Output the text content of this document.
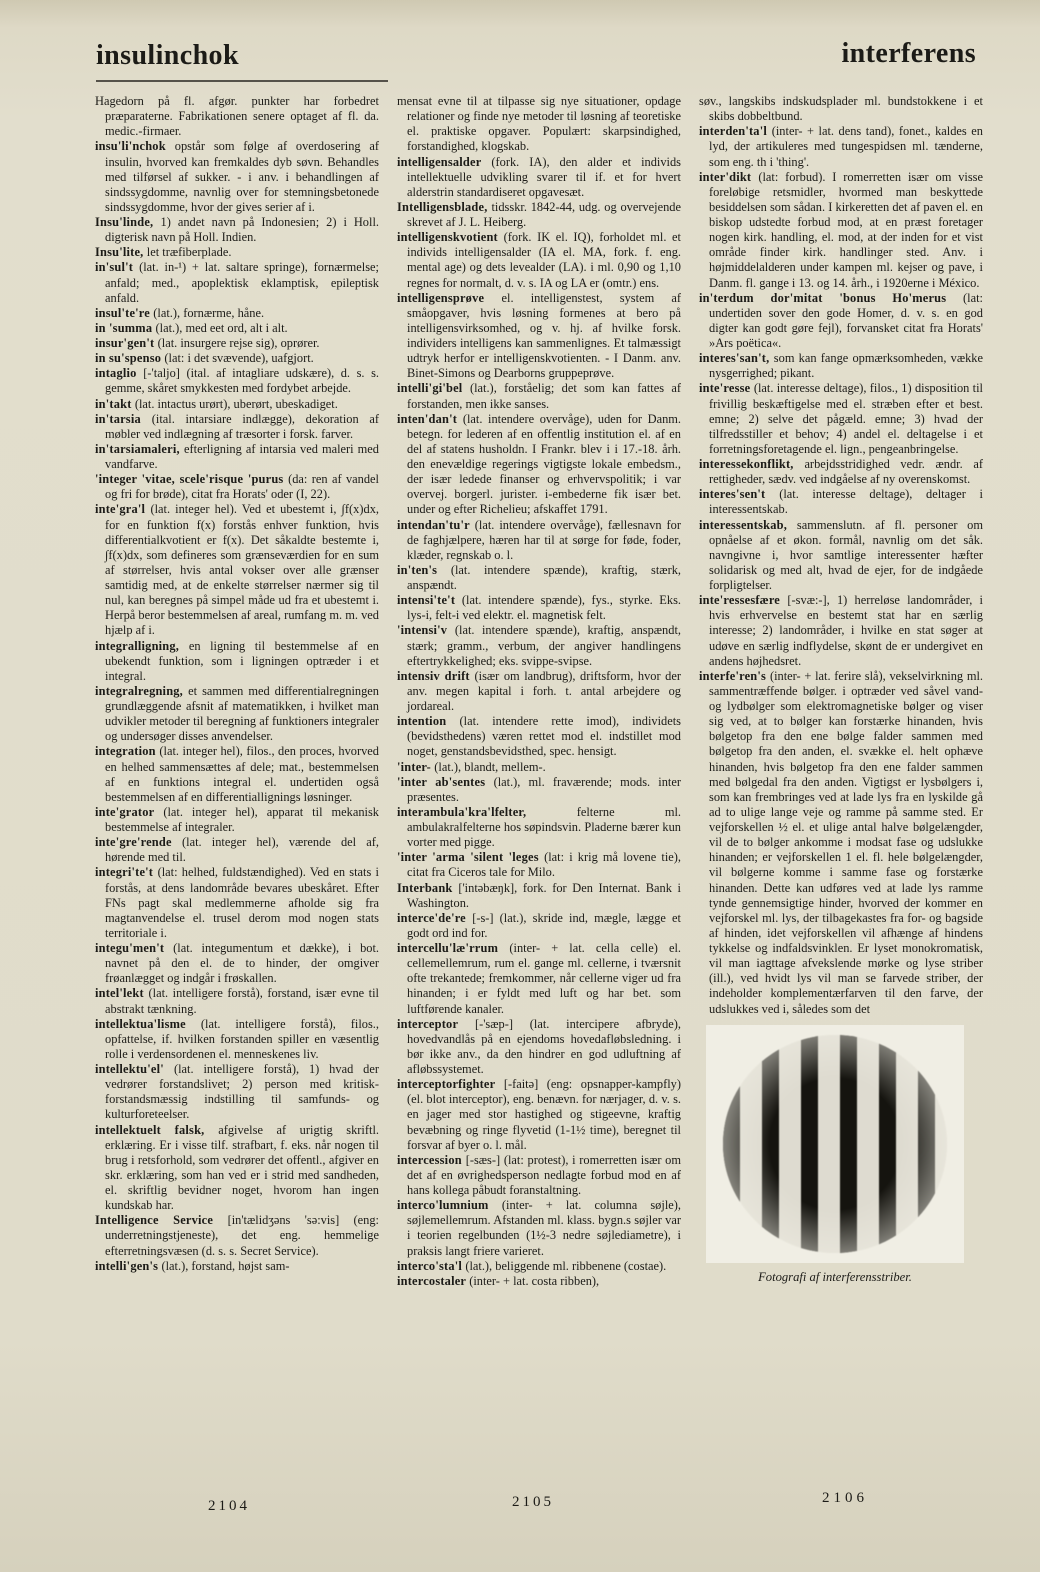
insulinchok	interferens

Hagedorn på fl. afgør. punkter har forbedret præparaterne. Fabrikationen senere optaget af fl. da. medic.-firmaer.

insu'li'nchok opstår som følge af overdosering af insulin, hvorved kan fremkaldes dyb søvn. Behandles med tilførsel af sukker. - i anv. i behandlingen af sindssygdomme, navnlig over for stemningsbetonede sindssygdomme, hvor der gives serier af i.

Insu'linde, 1) andet navn på Indonesien; 2) i Holl. digterisk navn på Holl. Indien.

Insu'lite, let træfiberplade.

in'sul't (lat. in-¹) + lat. saltare springe), fornærmelse; anfald; med., apoplektisk eklamptisk, epileptisk anfald.

insul'te're (lat.), fornærme, håne.

in 'summa (lat.), med eet ord, alt i alt.

insur'gen't (lat. insurgere rejse sig), oprører.

in su'spenso (lat: i det svævende), uafgjort.

intaglio [-'taljo] (ital. af intagliare udskære), d. s. s. gemme, skåret smykkesten med fordybet arbejde.

in'takt (lat. intactus urørt), uberørt, ubeskadiget.

in'tarsia (ital. intarsiare indlægge), dekoration af møbler ved indlægning af træsorter i forsk. farver.

in'tarsiamaleri, efterligning af intarsia ved maleri med vandfarve.

'integer 'vitae, scele'risque 'purus (da: ren af vandel og fri for brøde), citat fra Horats' oder (I, 22).

inte'gra'l (lat. integer hel). Ved et ubestemt i, ∫f(x)dx, for en funktion f(x) forstås enhver funktion, hvis differentialkvotient er f(x). Det såkaldte bestemte i, ∫f(x)dx, som defineres som grænseværdien for en sum af størrelser, hvis antal vokser over alle grænser samtidig med, at de enkelte størrelser nærmer sig til nul, kan beregnes på simpel måde ud fra et ubestemt i. Herpå beror bestemmelsen af areal, rumfang m. m. ved hjælp af i.

integralligning, en ligning til bestemmelse af en ubekendt funktion, som i ligningen optræder i et integral.

integralregning, et sammen med differentialregningen grundlæggende afsnit af matematikken, i hvilket man udvikler metoder til beregning af funktioners integraler og undersøger disses anvendelser.

integration (lat. integer hel), filos., den proces, hvorved en helhed sammensættes af dele; mat., bestemmelsen af en funktions integral el. undertiden også bestemmelsen af en differentiallignings løsninger.

inte'grator (lat. integer hel), apparat til mekanisk bestemmelse af integraler.

inte'gre'rende (lat. integer hel), værende del af, hørende med til.

integri'te't (lat: helhed, fuldstændighed). Ved en stats i forstås, at dens landområde bevares ubeskåret. Efter FNs pagt skal medlemmerne afholde sig fra magtanvendelse el. trusel derom mod nogen stats territoriale i.

integu'men't (lat. integumentum et dække), i bot. navnet på den el. de to hinder, der omgiver frøanlægget og indgår i frøskallen.

intel'lekt (lat. intelligere forstå), forstand, især evne til abstrakt tænkning.

intellektua'lisme (lat. intelligere forstå), filos., opfattelse, if. hvilken forstanden spiller en væsentlig rolle i verdensordenen el. menneskenes liv.

intellektu'el' (lat. intelligere forstå), 1) hvad der vedrører forstandslivet; 2) person med kritisk-forstandsmæssig indstilling til samfunds- og kulturforeteelser.

intellektuelt falsk, afgivelse af urigtig skriftl. erklæring. Er i visse tilf. strafbart, f. eks. når nogen til brug i retsforhold, som vedrører det offentl., afgiver en skr. erklæring, som han ved er i strid med sandheden, el. skriftlig bevidner noget, hvorom han ingen kundskab har.

Intelligence Service [in'tælidʒəns 'sə:vis] (eng: underretningstjeneste), det eng. hemmelige efterretningsvæsen (d. s. s. Secret Service).

intelli'gen's (lat.), forstand, højst sam-

mensat evne til at tilpasse sig nye situationer, opdage relationer og finde nye metoder til løsning af teoretiske el. praktiske opgaver. Populært: skarpsindighed, forstandighed, klogskab.

intelligensalder (fork. IA), den alder et individs intellektuelle udvikling svarer til if. et for hvert alderstrin standardiseret opgavesæt.

Intelligensblade, tidsskr. 1842-44, udg. og overvejende skrevet af J. L. Heiberg.

intelligenskvotient (fork. IK el. IQ), forholdet ml. et individs intelligensalder (IA el. MA, fork. f. eng. mental age) og dets levealder (LA). i ml. 0,90 og 1,10 regnes for normalt, d. v. s. IA og LA er (omtr.) ens.

intelligensprøve el. intelligenstest, system af småopgaver, hvis løsning formenes at bero på intelligensvirksomhed, og v. hj. af hvilke forsk. individers intelligens kan sammenlignes. Et talmæssigt udtryk herfor er intelligenskvotienten. - I Danm. anv. Binet-Simons og Dearborns gruppeprøve.

intelli'gi'bel (lat.), forståelig; det som kan fattes af forstanden, men ikke sanses.

inten'dan't (lat. intendere overvåge), uden for Danm. betegn. for lederen af en offentlig institution el. af en del af statens husholdn. I Frankr. blev i i 17.-18. årh. den enevældige regerings vigtigste lokale embedsm., der især ledede finanser og erhvervspolitik; i var overvej. borgerl. jurister. i-embederne fik især bet. under og efter Richelieu; afskaffet 1791.

intendan'tu'r (lat. intendere overvåge), fællesnavn for de faghjælpere, hæren har til at sørge for føde, foder, klæder, regnskab o. l.

in'ten's (lat. intendere spænde), kraftig, stærk, anspændt.

intensi'te't (lat. intendere spænde), fys., styrke. Eks. lys-i, felt-i ved elektr. el. magnetisk felt.

'intensi'v (lat. intendere spænde), kraftig, anspændt, stærk; gramm., verbum, der angiver handlingens eftertrykkelighed; eks. svippe-svipse.

intensiv drift (især om landbrug), driftsform, hvor der anv. megen kapital i forh. t. antal arbejdere og jordareal.

intention (lat. intendere rette imod), individets (bevidsthedens) væren rettet mod el. indstillet mod noget, genstandsbevidsthed, spec. hensigt.

'inter- (lat.), blandt, mellem-.

'inter ab'sentes (lat.), ml. fraværende; mods. inter præsentes.

interambula'kra'lfelter, felterne ml. ambulakralfelterne hos søpindsvin. Pladerne bærer kun vorter med pigge.

'inter 'arma 'silent 'leges (lat: i krig må lovene tie), citat fra Ciceros tale for Milo.

Interbank ['intəbæŋk], fork. for Den Internat. Bank i Washington.

interce'de're [-s-] (lat.), skride ind, mægle, lægge et godt ord ind for.

intercellu'læ'rrum (inter- + lat. cella celle) el. cellemellemrum, rum el. gange ml. cellerne, i tværsnit ofte trekantede; fremkommer, når cellerne viger ud fra hinanden; i er fyldt med luft og har bet. som luftførende kanaler.

interceptor [-'sæp-] (lat. intercipere afbryde), hovedvandlås på en ejendoms hovedafløbsledning. i bør ikke anv., da den hindrer en god udluftning af afløbssystemet.

interceptorfighter [-faitə] (eng: opsnapper-kampfly) (el. blot interceptor), eng. benævn. for nærjager, d. v. s. en jager med stor hastighed og stigeevne, kraftig bevæbning og ringe flyvetid (1-1½ time), beregnet til forsvar af byer o. l. mål.

intercession [-sæs-] (lat: protest), i romerretten især om det af en øvrighedsperson nedlagte forbud mod en af hans kollega påbudt foranstaltning.

interco'lumnium (inter- + lat. columna søjle), søjlemellemrum. Afstanden ml. klass. bygn.s søjler var i teorien regelbunden (1½-3 nedre søjlediametre), i praksis langt friere varieret.

interco'sta'l (lat.), beliggende ml. ribbenene (costae).

intercostaler (inter- + lat. costa ribben),

søv., langskibs indskudsplader ml. bundstokkene i et skibs dobbeltbund.

interden'ta'l (inter- + lat. dens tand), fonet., kaldes en lyd, der artikuleres med tungespidsen ml. tænderne, som eng. th i 'thing'.

inter'dikt (lat: forbud). I romerretten især om visse foreløbige retsmidler, hvormed man beskyttede besiddelsen som sådan. I kirkeretten det af paven el. en biskop udstedte forbud mod, at en præst foretager nogen kirk. handling, el. mod, at der inden for et vist område finder kirk. handlinger sted. Anv. i højmiddelalderen under kampen ml. kejser og pave, i Danm. fl. gange i 13. og 14. årh., i 1920erne i México.

in'terdum dor'mitat 'bonus Ho'merus (lat: undertiden sover den gode Homer, d. v. s. en god digter kan godt gøre fejl), forvansket citat fra Horats' »Ars poëtica«.

interes'san't, som kan fange opmærksomheden, vække nysgerrighed; pikant.

inte'resse (lat. interesse deltage), filos., 1) disposition til frivillig beskæftigelse med el. stræben efter et best. emne; 2) selve det pågæld. emne; 3) hvad der tilfredsstiller et behov; 4) andel el. deltagelse i et forretningsforetagende el. lign., pengeanbringelse.

interessekonflikt, arbejdsstridighed vedr. ændr. af rettigheder, sædv. ved indgåelse af ny overenskomst.

interes'sen't (lat. interesse deltage), deltager i interessentskab.

interessentskab, sammenslutn. af fl. personer om opnåelse af et økon. formål, navnlig om det såk. navngivne i, hvor samtlige interessenter hæfter solidarisk og med alt, hvad de ejer, for de indgåede forpligtelser.

inte'ressesfære [-svæ:-], 1) herreløse landområder, i hvis erhvervelse en bestemt stat har en særlig interesse; 2) landområder, i hvilke en stat søger at udøve en særlig indflydelse, skønt de er undergivet en andens højhedsret.

interfe'ren's (inter- + lat. ferire slå), vekselvirkning ml. sammentræffende bølger. i optræder ved såvel vand- og lydbølger som elektromagnetiske bølger og viser sig ved, at to bølger kan forstærke hinanden, hvis bølgetop fra den ene bølge falder sammen med bølgetop fra den anden, el. svække el. helt ophæve hinanden, hvis bølgetop fra den ene falder sammen med bølgedal fra den anden. Vigtigst er lysbølgers i, som kan frembringes ved at lade lys fra en lyskilde gå ad to ulige lange veje og ramme på samme sted. Er vejforskellen ½ el. et ulige antal halve bølgelængder, vil de to bølger ankomme i modsat fase og udslukke hinanden; er vejforskellen 1 el. fl. hele bølgelængder, vil bølgerne komme i samme fase og forstærke hinanden. Dette kan udføres ved at lade lys ramme tynde gennemsigtige hinder, hvorved der kommer en vejforskel ml. lys, der tilbagekastes fra for- og bagside af hinden, idet vejforskellen vil afhænge af hindens tykkelse og indfaldsvinklen. Er lyset monokromatisk, vil man iagttage afvekslende mørke og lyse striber (ill.), ved hvidt lys vil man se farvede striber, der indeholder komplementærfarven til den farve, der udslukkes ved i, således som det

Fotografi af interferensstriber.
2104	2105	2106
